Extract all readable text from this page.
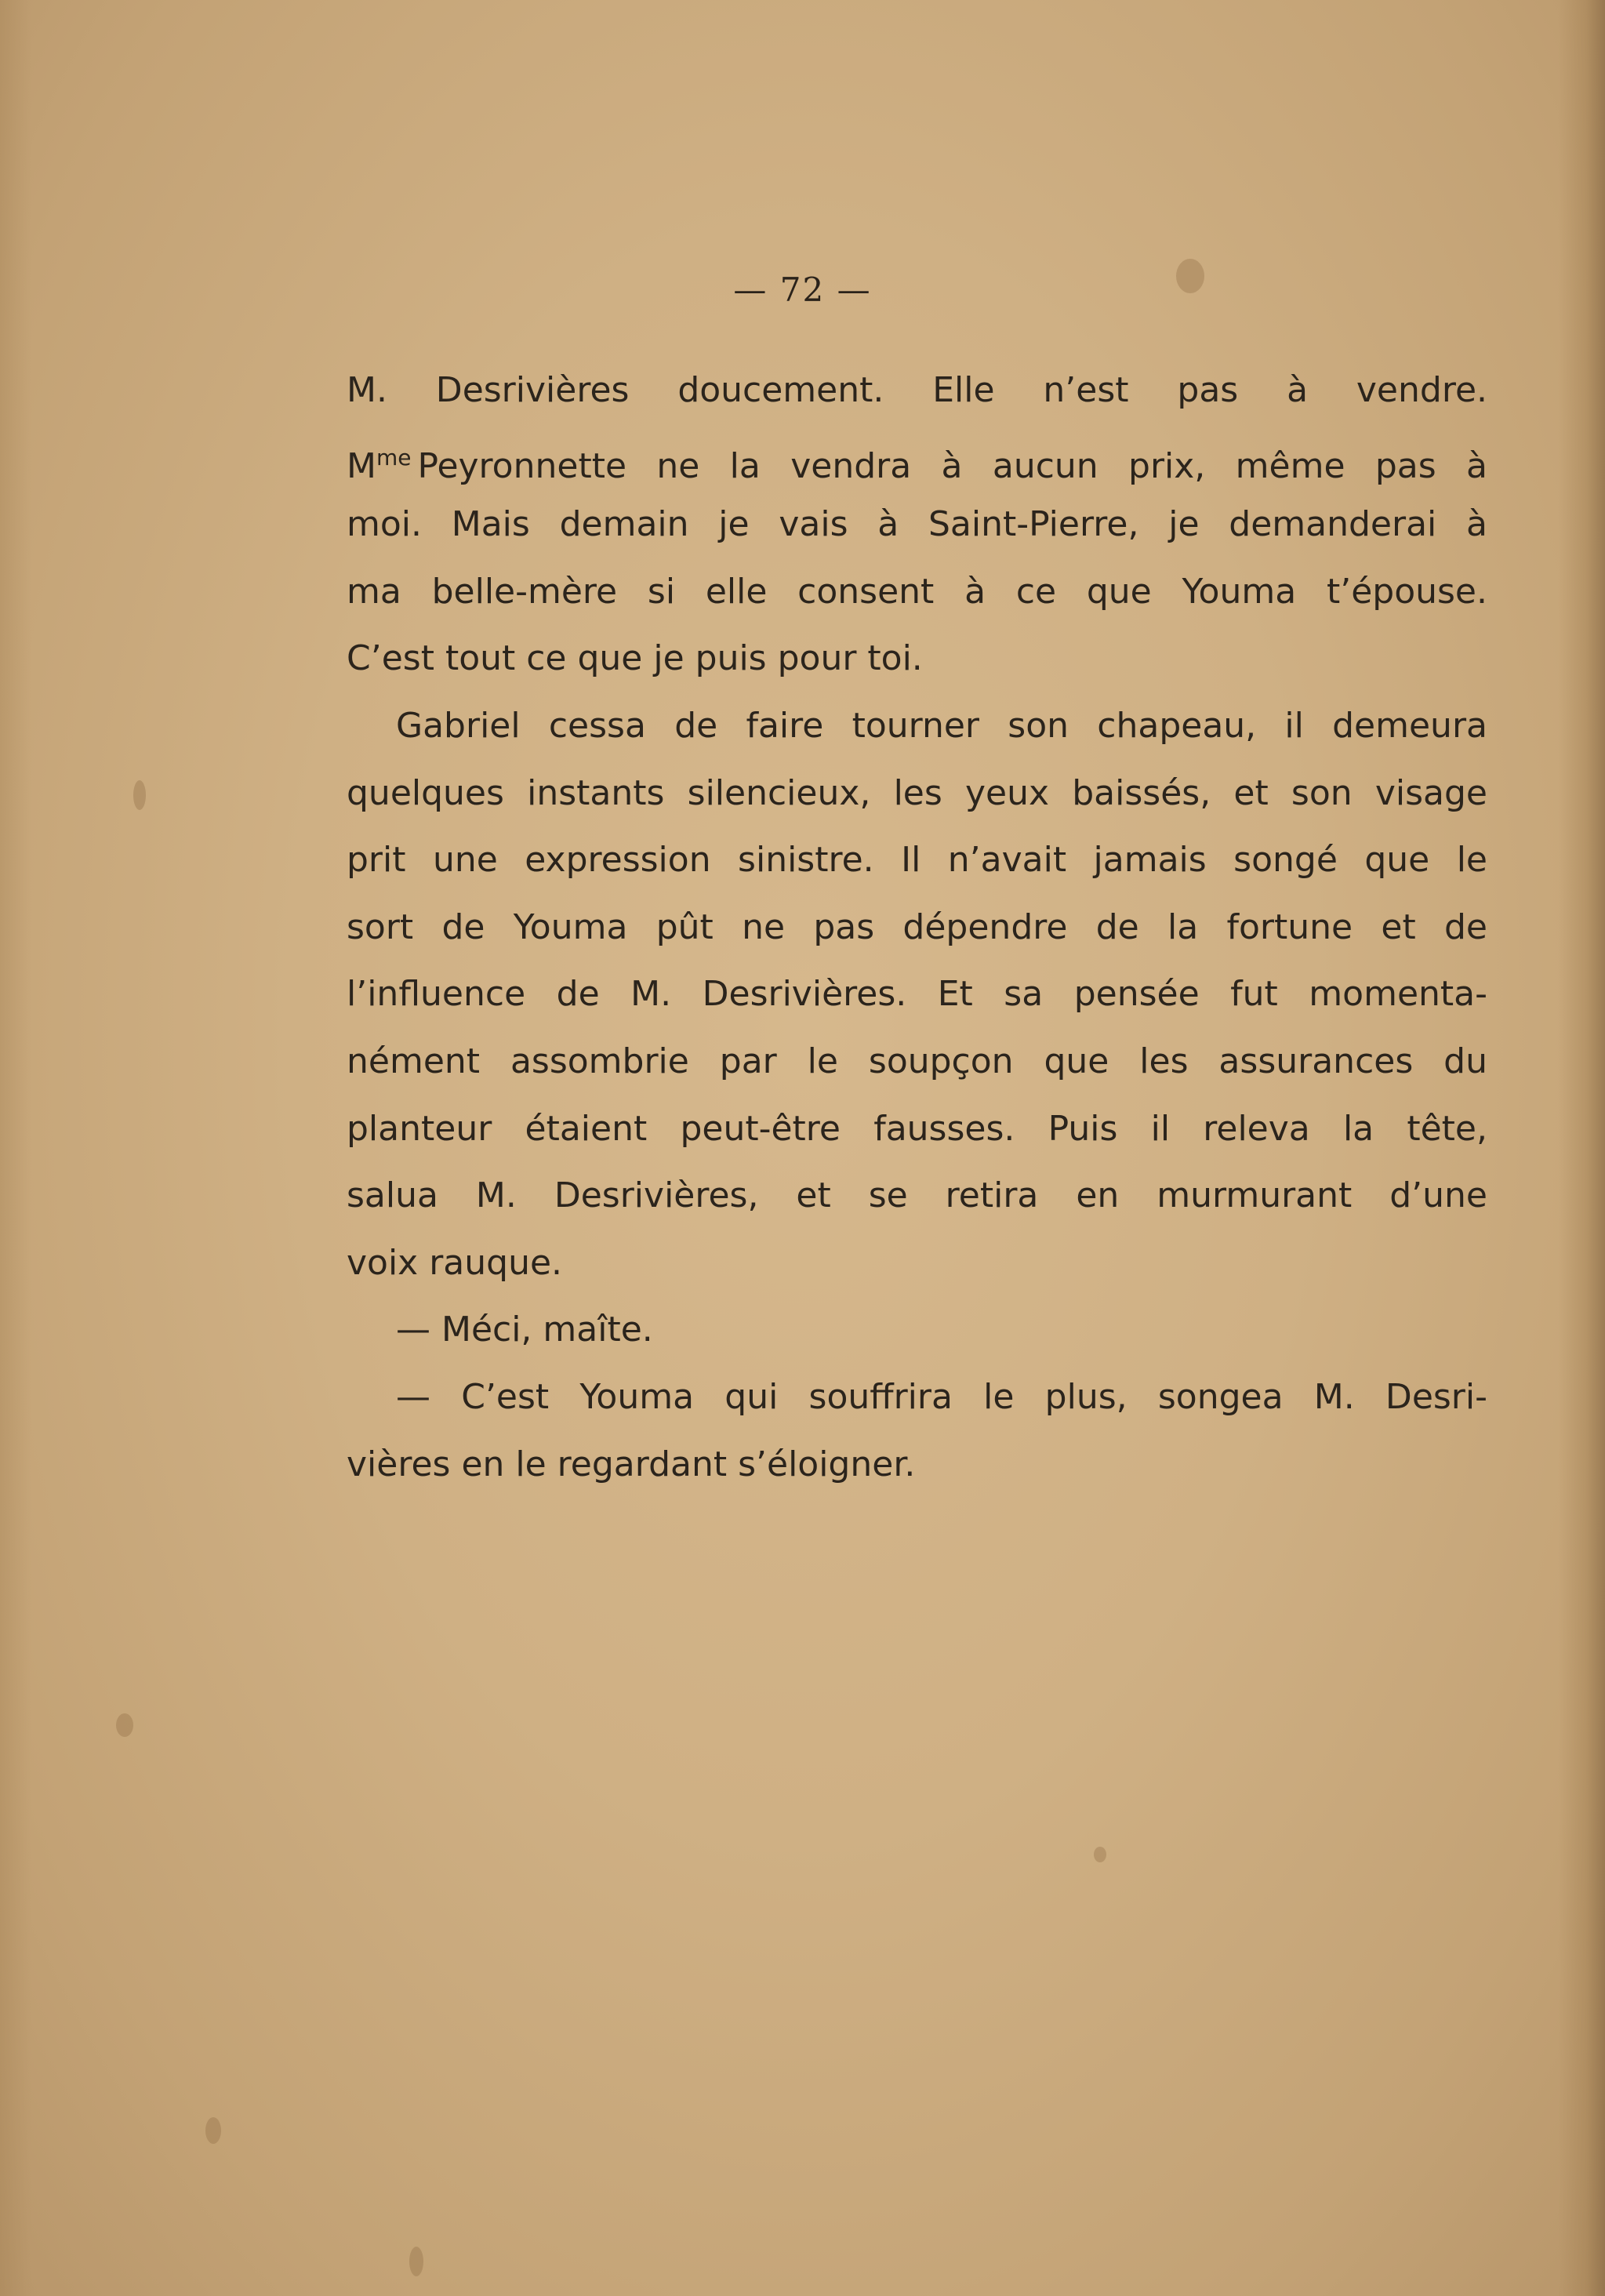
— 72 —
M. Desrivières doucement. Elle n’est pas à vendre.
$M^{me}$ Peyronnette ne la vendra à aucun prix, même pas à
moi. Mais demain je vais à Saint-Pierre, je demanderai à
ma belle-mère si elle consent à ce que Youma t’épouse.
C’est tout ce que je puis pour toi.
Gabriel cessa de faire tourner son chapeau, il demeura
quelques instants silencieux, les yeux baissés, et son visage
prit une expression sinistre. Il n’avait jamais songé que le
sort de Youma pût ne pas dépendre de la fortune et de
l’influence de M. Desrivières. Et sa pensée fut momenta-
nément assombrie par le soupçon que les assurances du
planteur étaient peut-être fausses. Puis il releva la tête,
salua M. Desrivières, et se retira en murmurant d’une
voix rauque.
— Méci, maîte.
— C’est Youma qui souffrira le plus, songea M. Desri-
vières en le regardant s’éloigner.
